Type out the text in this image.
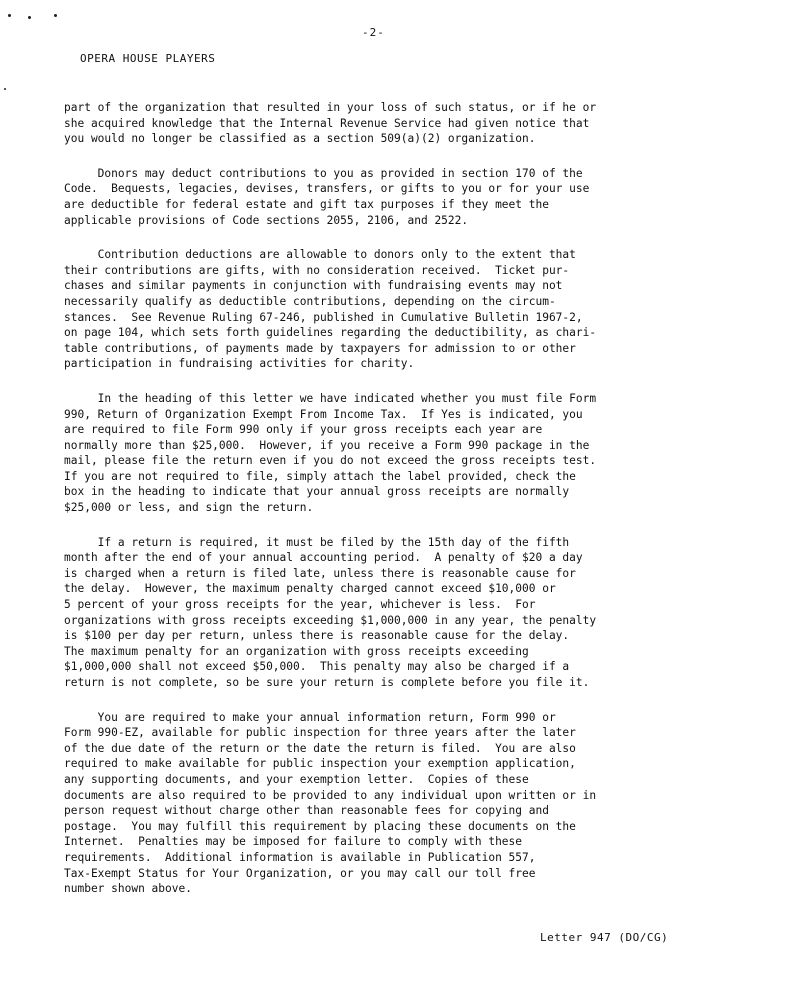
-2-
OPERA HOUSE PLAYERS
part of the organization that resulted in your loss of such status, or if he or
she acquired knowledge that the Internal Revenue Service had given notice that
you would no longer be classified as a section 509(a)(2) organization.
Donors may deduct contributions to you as provided in section 170 of the
Code.  Bequests, legacies, devises, transfers, or gifts to you or for your use
are deductible for federal estate and gift tax purposes if they meet the
applicable provisions of Code sections 2055, 2106, and 2522.
Contribution deductions are allowable to donors only to the extent that
their contributions are gifts, with no consideration received.  Ticket pur-
chases and similar payments in conjunction with fundraising events may not
necessarily qualify as deductible contributions, depending on the circum-
stances.  See Revenue Ruling 67-246, published in Cumulative Bulletin 1967-2,
on page 104, which sets forth guidelines regarding the deductibility, as chari-
table contributions, of payments made by taxpayers for admission to or other
participation in fundraising activities for charity.
In the heading of this letter we have indicated whether you must file Form
990, Return of Organization Exempt From Income Tax.  If Yes is indicated, you
are required to file Form 990 only if your gross receipts each year are
normally more than $25,000.  However, if you receive a Form 990 package in the
mail, please file the return even if you do not exceed the gross receipts test.
If you are not required to file, simply attach the label provided, check the
box in the heading to indicate that your annual gross receipts are normally
$25,000 or less, and sign the return.
If a return is required, it must be filed by the 15th day of the fifth
month after the end of your annual accounting period.  A penalty of $20 a day
is charged when a return is filed late, unless there is reasonable cause for
the delay.  However, the maximum penalty charged cannot exceed $10,000 or
5 percent of your gross receipts for the year, whichever is less.  For
organizations with gross receipts exceeding $1,000,000 in any year, the penalty
is $100 per day per return, unless there is reasonable cause for the delay.
The maximum penalty for an organization with gross receipts exceeding
$1,000,000 shall not exceed $50,000.  This penalty may also be charged if a
return is not complete, so be sure your return is complete before you file it.
You are required to make your annual information return, Form 990 or
Form 990-EZ, available for public inspection for three years after the later
of the due date of the return or the date the return is filed.  You are also
required to make available for public inspection your exemption application,
any supporting documents, and your exemption letter.  Copies of these
documents are also required to be provided to any individual upon written or in
person request without charge other than reasonable fees for copying and
postage.  You may fulfill this requirement by placing these documents on the
Internet.  Penalties may be imposed for failure to comply with these
requirements.  Additional information is available in Publication 557,
Tax-Exempt Status for Your Organization, or you may call our toll free
number shown above.
Letter 947 (DO/CG)
